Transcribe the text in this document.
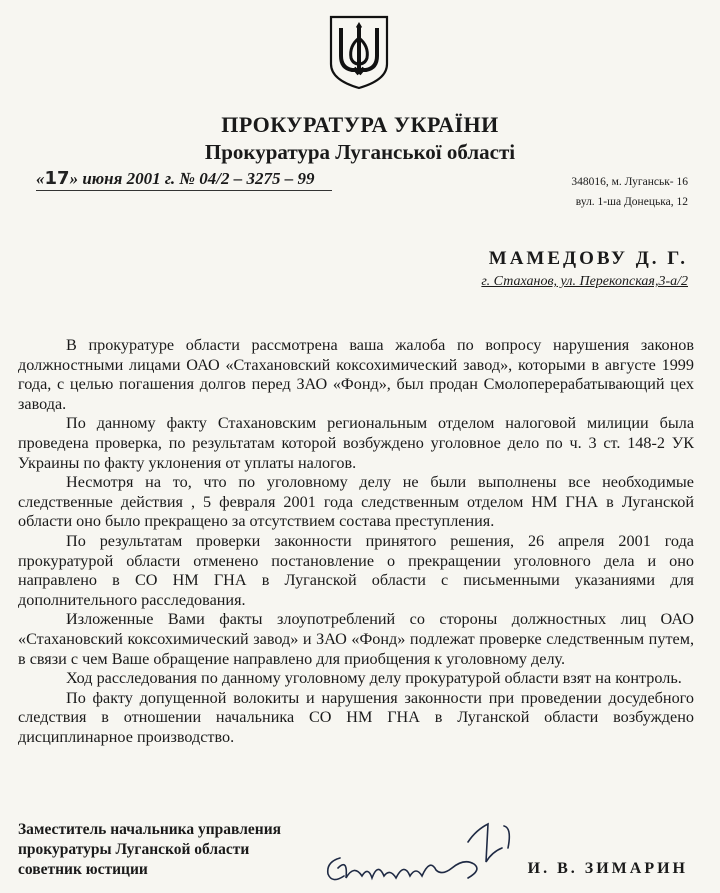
ПРОКУРАТУРА УКРАЇНИ
Прокуратура Луганської області
«17» июня 2001 г. № 04/2 – 3275 – 99	348016, м. Луганськ- 16
вул. 1-ша Донецька, 12
МАМЕДОВУ Д. Г.
г. Стаханов, ул. Перекопская,3-а/2

В прокуратуре области рассмотрена ваша жалоба по вопросу нарушения законов должностными лицами ОАО «Стахановский коксохимический завод», которыми в августе 1999 года, с целью погашения долгов перед ЗАО «Фонд», был продан Смолоперерабатывающий цех завода.

По данному факту Стахановским региональным отделом налоговой милиции была проведена проверка, по результатам которой возбуждено уголовное дело по ч. 3 ст. 148-2 УК Украины по факту уклонения от уплаты налогов.

Несмотря на то, что по уголовному делу не были выполнены все необходимые следственные действия , 5 февраля 2001 года следственным отделом НМ ГНА в Луганской области оно было прекращено за отсутствием состава преступления.

По результатам проверки законности принятого решения, 26 апреля 2001 года прокуратурой области отменено постановление о прекращении уголовного дела и оно направлено в СО НМ ГНА в Луганской области с письменными указаниями для дополнительного расследования.

Изложенные Вами факты злоупотреблений со стороны должностных лиц ОАО «Стахановский коксохимический завод» и ЗАО «Фонд» подлежат проверке следственным путем, в связи с чем Ваше обращение направлено для приобщения к уголовному делу.

Ход расследования по данному уголовному делу прокуратурой области взят на контроль.

По факту допущенной волокиты и нарушения законности при проведении досудебного следствия в отношении начальника СО НМ ГНА в Луганской области возбуждено дисциплинарное производство.

Заместитель начальника управления
прокуратуры Луганской области
советник юстиции	И. В. ЗИМАРИН
